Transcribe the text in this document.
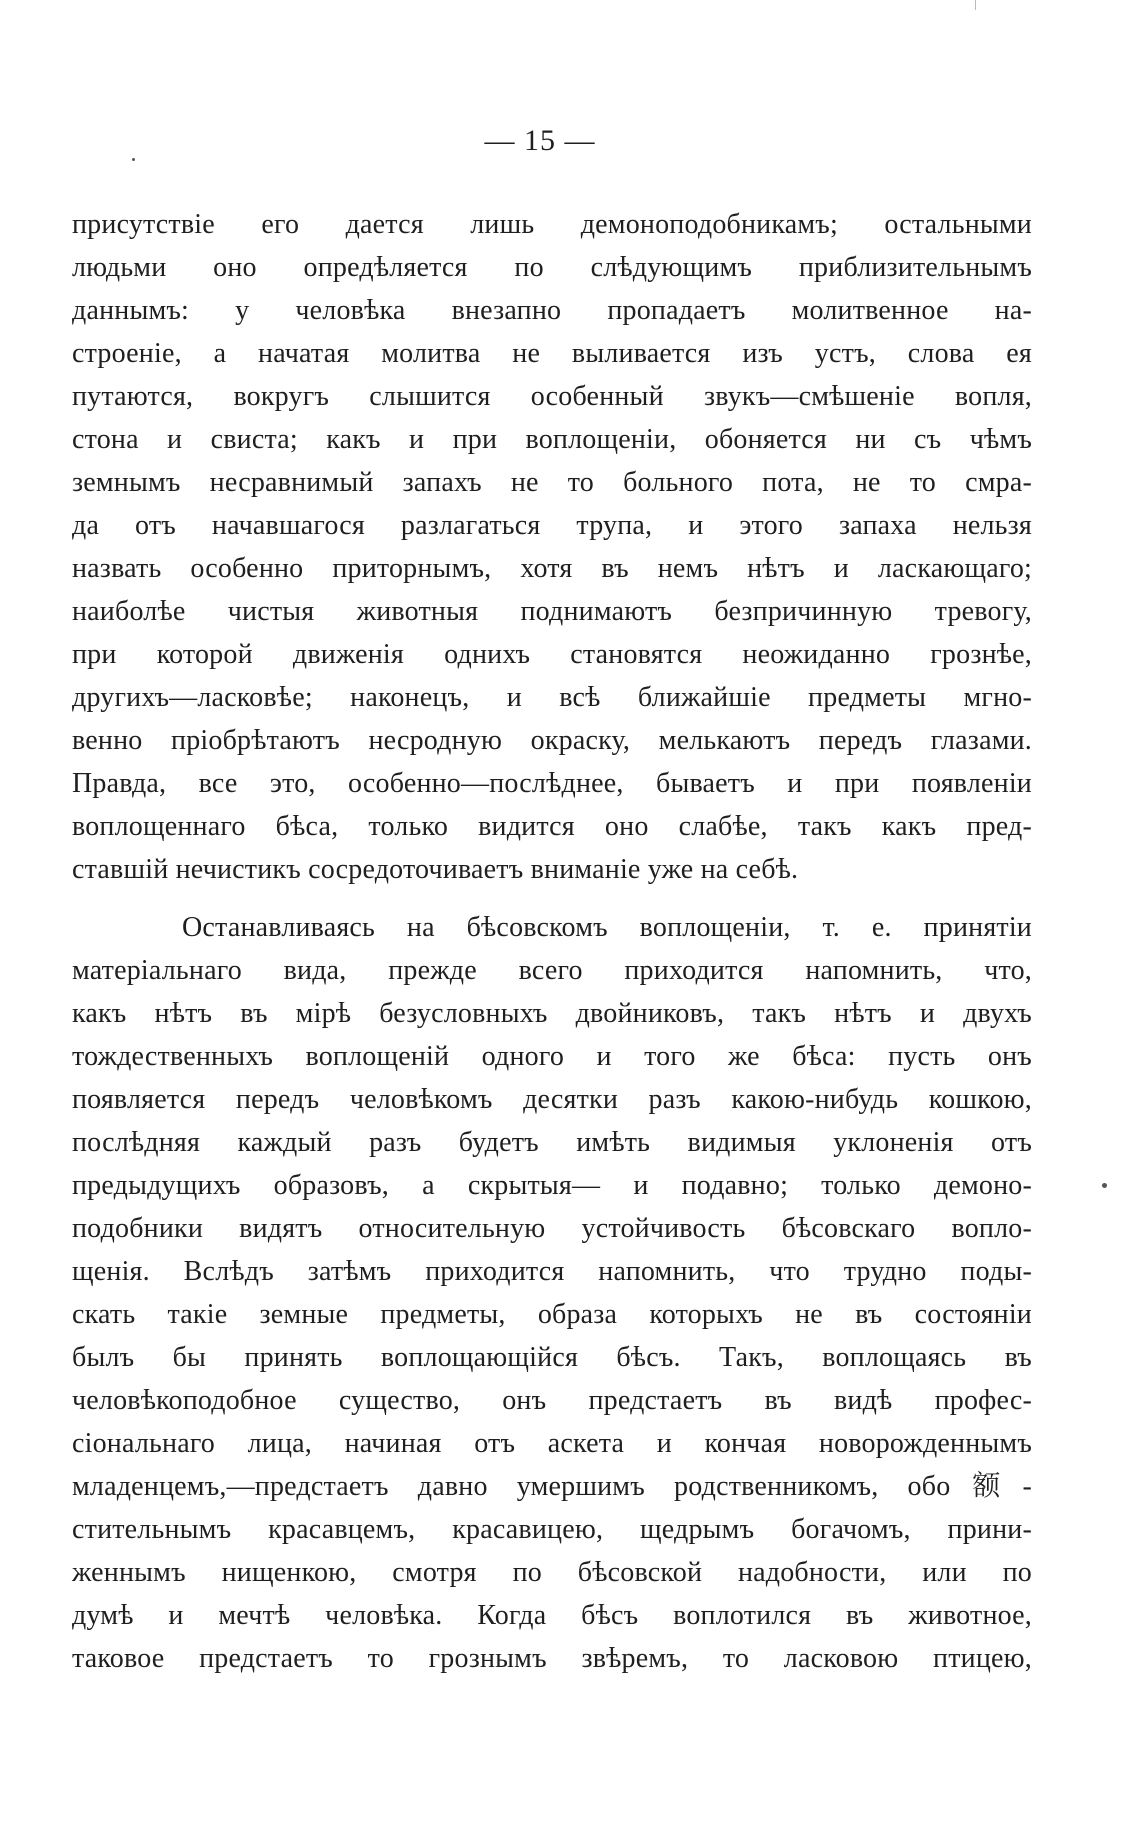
— 15 —
присутствіе его дается лишь демоноподобникамъ; остальными
людьми оно опредѣляется по слѣдующимъ приблизительнымъ
даннымъ: у человѣка внезапно пропадаетъ молитвенное на-
строеніе, а начатая молитва не выливается изъ устъ, слова ея
путаются, вокругъ слышится особенный звукъ—смѣшеніе вопля,
стона и свиста; какъ и при воплощеніи, обоняется ни съ чѣмъ
земнымъ несравнимый запахъ не то больного пота, не то смра-
да отъ начавшагося разлагаться трупа, и этого запаха нельзя
назвать особенно приторнымъ, хотя въ немъ нѣтъ и ласкающаго;
наиболѣе чистыя животныя поднимаютъ безпричинную тревогу,
при которой движенія однихъ становятся неожиданно грознѣе,
другихъ—ласковѣе; наконецъ, и всѣ ближайшіе предметы мгно-
венно пріобрѣтаютъ несродную окраску, мелькаютъ передъ глазами.
Правда, все это, особенно—послѣднее, бываетъ и при появленіи
воплощеннаго бѣса, только видится оно слабѣе, такъ какъ пред-
ставшій нечистикъ сосредоточиваетъ вниманіе уже на себѣ.
Останавливаясь на бѣсовскомъ воплощеніи, т. е. принятіи
матеріальнаго вида, прежде всего приходится напомнить, что,
какъ нѣтъ въ мірѣ безусловныхъ двойниковъ, такъ нѣтъ и двухъ
тождественныхъ воплощеній одного и того же бѣса: пусть онъ
появляется передъ человѣкомъ десятки разъ какою-нибудь кошкою,
послѣдняя каждый разъ будетъ имѣть видимыя уклоненія отъ
предыдущихъ образовъ, а скрытыя— и подавно; только демоно-
подобники видятъ относительную устойчивость бѣсовскаго вопло-
щенія. Вслѣдъ затѣмъ приходится напомнить, что трудно поды-
скать такіе земные предметы, образа которыхъ не въ состояніи
былъ бы принять воплощающійся бѣсъ. Такъ, воплощаясь въ
человѣкоподобное существо, онъ предстаетъ въ видѣ профес-
сіональнаго лица, начиная отъ аскета и кончая новорожденнымъ
младенцемъ,—предстаетъ давно умершимъ родственникомъ, обо额-
стительнымъ красавцемъ, красавицею, щедрымъ богачомъ, прини-
женнымъ нищенкою, смотря по бѣсовской надобности, или по
думѣ и мечтѣ человѣка. Когда бѣсъ воплотился въ животное,
таковое предстаетъ то грознымъ звѣремъ, то ласковою птицею,
